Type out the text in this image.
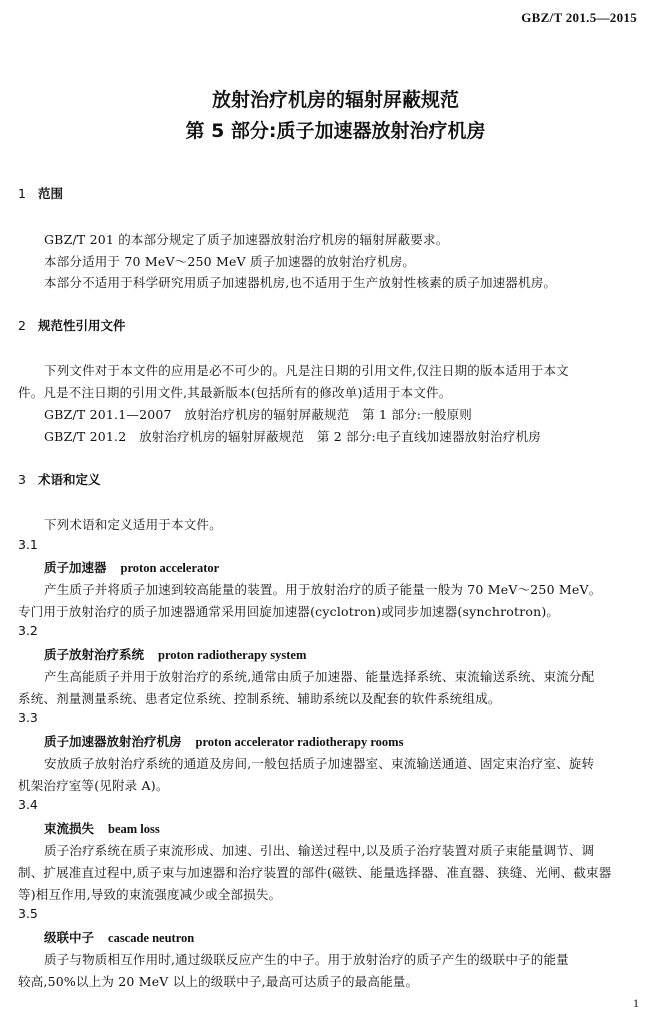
GBZ/T 201.5—2015
放射治疗机房的辐射屏蔽规范
第 5 部分:质子加速器放射治疗机房
1 范围
GBZ/T 201 的本部分规定了质子加速器放射治疗机房的辐射屏蔽要求。
本部分适用于 70 MeV～250 MeV 质子加速器的放射治疗机房。
本部分不适用于科学研究用质子加速器机房,也不适用于生产放射性核素的质子加速器机房。
2 规范性引用文件
下列文件对于本文件的应用是必不可少的。凡是注日期的引用文件,仅注日期的版本适用于本文
件。凡是不注日期的引用文件,其最新版本(包括所有的修改单)适用于本文件。
GBZ/T 201.1—2007　放射治疗机房的辐射屏蔽规范　第 1 部分:一般原则
GBZ/T 201.2　放射治疗机房的辐射屏蔽规范　第 2 部分:电子直线加速器放射治疗机房
3 术语和定义
下列术语和定义适用于本文件。
3.1
质子加速器 proton accelerator
产生质子并将质子加速到较高能量的装置。用于放射治疗的质子能量一般为 70 MeV～250 MeV。
专门用于放射治疗的质子加速器通常采用回旋加速器(cyclotron)或同步加速器(synchrotron)。
3.2
质子放射治疗系统 proton radiotherapy system
产生高能质子并用于放射治疗的系统,通常由质子加速器、能量选择系统、束流输送系统、束流分配
系统、剂量测量系统、患者定位系统、控制系统、辅助系统以及配套的软件系统组成。
3.3
质子加速器放射治疗机房 proton accelerator radiotherapy rooms
安放质子放射治疗系统的通道及房间,一般包括质子加速器室、束流输送通道、固定束治疗室、旋转
机架治疗室等(见附录 A)。
3.4
束流损失 beam loss
质子治疗系统在质子束流形成、加速、引出、输送过程中,以及质子治疗装置对质子束能量调节、调
制、扩展准直过程中,质子束与加速器和治疗装置的部件(磁铁、能量选择器、准直器、狭缝、光闸、截束器
等)相互作用,导致的束流强度减少或全部损失。
3.5
级联中子 cascade neutron
质子与物质相互作用时,通过级联反应产生的中子。用于放射治疗的质子产生的级联中子的能量
较高,50%以上为 20 MeV 以上的级联中子,最高可达质子的最高能量。
1
